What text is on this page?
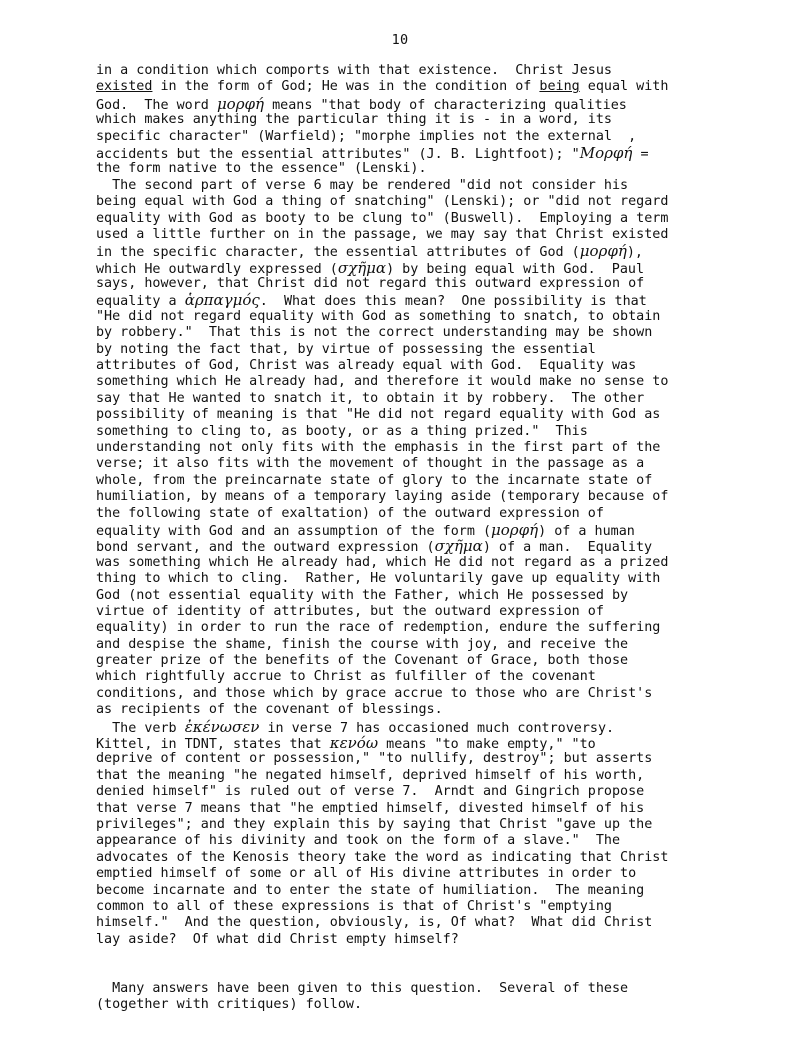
10
in a condition which comports with that existence.  Christ Jesus
existed in the form of God; He was in the condition of being equal with
God.  The word μορφή means "that body of characterizing qualities
which makes anything the particular thing it is - in a word, its
specific character" (Warfield); "morphe implies not the external  ,
accidents but the essential attributes" (J. B. Lightfoot); "Μορφή =
the form native to the essence" (Lenski).
The second part of verse 6 may be rendered "did not consider his
being equal with God a thing of snatching" (Lenski); or "did not regard
equality with God as booty to be clung to" (Buswell).  Employing a term
used a little further on in the passage, we may say that Christ existed
in the specific character, the essential attributes of God (μορφή),
which He outwardly expressed (σχῆμα) by being equal with God.  Paul
says, however, that Christ did not regard this outward expression of
equality a ἁρπαγμός.  What does this mean?  One possibility is that
"He did not regard equality with God as something to snatch, to obtain
by robbery."  That this is not the correct understanding may be shown
by noting the fact that, by virtue of possessing the essential
attributes of God, Christ was already equal with God.  Equality was
something which He already had, and therefore it would make no sense to
say that He wanted to snatch it, to obtain it by robbery.  The other
possibility of meaning is that "He did not regard equality with God as
something to cling to, as booty, or as a thing prized."  This
understanding not only fits with the emphasis in the first part of the
verse; it also fits with the movement of thought in the passage as a
whole, from the preincarnate state of glory to the incarnate state of
humiliation, by means of a temporary laying aside (temporary because of
the following state of exaltation) of the outward expression of
equality with God and an assumption of the form (μορφή) of a human
bond servant, and the outward expression (σχῆμα) of a man.  Equality
was something which He already had, which He did not regard as a prized
thing to which to cling.  Rather, He voluntarily gave up equality with
God (not essential equality with the Father, which He possessed by
virtue of identity of attributes, but the outward expression of
equality) in order to run the race of redemption, endure the suffering
and despise the shame, finish the course with joy, and receive the
greater prize of the benefits of the Covenant of Grace, both those
which rightfully accrue to Christ as fulfiller of the covenant
conditions, and those which by grace accrue to those who are Christ's
as recipients of the covenant of blessings.
The verb ἐκένωσεν in verse 7 has occasioned much controversy.
Kittel, in TDNT, states that κενόω means "to make empty," "to
deprive of content or possession," "to nullify, destroy"; but asserts
that the meaning "he negated himself, deprived himself of his worth,
denied himself" is ruled out of verse 7.  Arndt and Gingrich propose
that verse 7 means that "he emptied himself, divested himself of his
privileges"; and they explain this by saying that Christ "gave up the
appearance of his divinity and took on the form of a slave."  The
advocates of the Kenosis theory take the word as indicating that Christ
emptied himself of some or all of His divine attributes in order to
become incarnate and to enter the state of humiliation.  The meaning
common to all of these expressions is that of Christ's "emptying
himself."  And the question, obviously, is, Of what?  What did Christ
lay aside?  Of what did Christ empty himself?
Many answers have been given to this question.  Several of these
(together with critiques) follow.
